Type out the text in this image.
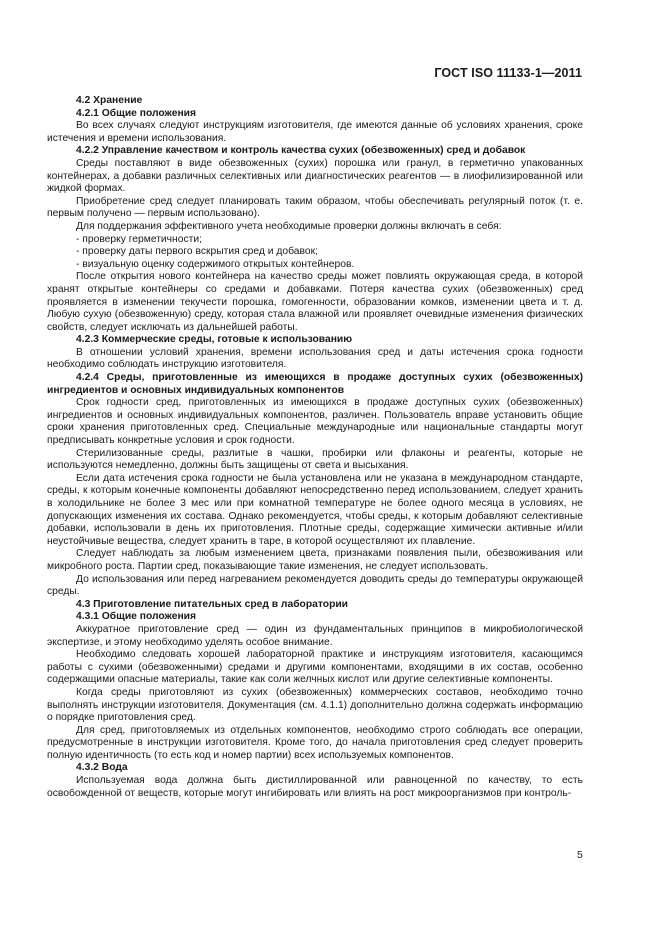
ГОСТ ISO 11133-1—2011

4.2 Хранение

4.2.1 Общие положения

Во всех случаях следуют инструкциям изготовителя, где имеются данные об условиях хранения, сроке истечения и времени использования.

4.2.2 Управление качеством и контроль качества сухих (обезвоженных) сред и добавок

Среды поставляют в виде обезвоженных (сухих) порошка или гранул, в герметично упакованных контейнерах, а добавки различных селективных или диагностических реагентов — в лиофилизированной или жидкой формах.

Приобретение сред следует планировать таким образом, чтобы обеспечивать регулярный поток (т. е. первым получено — первым использовано).

Для поддержания эффективного учета необходимые проверки должны включать в себя:

- проверку герметичности;

- проверку даты первого вскрытия сред и добавок;

- визуальную оценку содержимого открытых контейнеров.

После открытия нового контейнера на качество среды может повлиять окружающая среда, в которой хранят открытые контейнеры со средами и добавками. Потеря качества сухих (обезвоженных) сред проявляется в изменении текучести порошка, гомогенности, образовании комков, изменении цвета и т. д. Любую сухую (обезвоженную) среду, которая стала влажной или проявляет очевидные изменения физических свойств, следует исключать из дальнейшей работы.

4.2.3 Коммерческие среды, готовые к использованию

В отношении условий хранения, времени использования сред и даты истечения срока годности необходимо соблюдать инструкцию изготовителя.

4.2.4 Среды, приготовленные из имеющихся в продаже доступных сухих (обезвоженных) ингредиентов и основных индивидуальных компонентов

Срок годности сред, приготовленных из имеющихся в продаже доступных сухих (обезвоженных) ингредиентов и основных индивидуальных компонентов, различен. Пользователь вправе установить общие сроки хранения приготовленных сред. Специальные международные или национальные стандарты могут предписывать конкретные условия и срок годности.

Стерилизованные среды, разлитые в чашки, пробирки или флаконы и реагенты, которые не используются немедленно, должны быть защищены от света и высыхания.

Если дата истечения срока годности не была установлена или не указана в международном стандарте, среды, к которым конечные компоненты добавляют непосредственно перед использованием, следует хранить в холодильнике не более 3 мес или при комнатной температуре не более одного месяца в условиях, не допускающих изменения их состава. Однако рекомендуется, чтобы среды, к которым добавляют селективные добавки, использовали в день их приготовления. Плотные среды, содержащие химически активные и/или неустойчивые вещества, следует хранить в таре, в которой осуществляют их плавление.

Следует наблюдать за любым изменением цвета, признаками появления пыли, обезвоживания или микробного роста. Партии сред, показывающие такие изменения, не следует использовать.

До использования или перед нагреванием рекомендуется доводить среды до температуры окружающей среды.

4.3 Приготовление питательных сред в лаборатории

4.3.1 Общие положения

Аккуратное приготовление сред — один из фундаментальных принципов в микробиологической экспертизе, и этому необходимо уделять особое внимание.

Необходимо следовать хорошей лабораторной практике и инструкциям изготовителя, касающимся работы с сухими (обезвоженными) средами и другими компонентами, входящими в их состав, особенно содержащими опасные материалы, такие как соли желчных кислот или другие селективные компоненты.

Когда среды приготовляют из сухих (обезвоженных) коммерческих составов, необходимо точно выполнять инструкции изготовителя. Документация (см. 4.1.1) дополнительно должна содержать информацию о порядке приготовления сред.

Для сред, приготовляемых из отдельных компонентов, необходимо строго соблюдать все операции, предусмотренные в инструкции изготовителя. Кроме того, до начала приготовления сред следует проверить полную идентичность (то есть код и номер партии) всех используемых компонентов.

4.3.2 Вода

Используемая вода должна быть дистиллированной или равноценной по качеству, то есть освобожденной от веществ, которые могут ингибировать или влиять на рост микроорганизмов при контроль-

5
